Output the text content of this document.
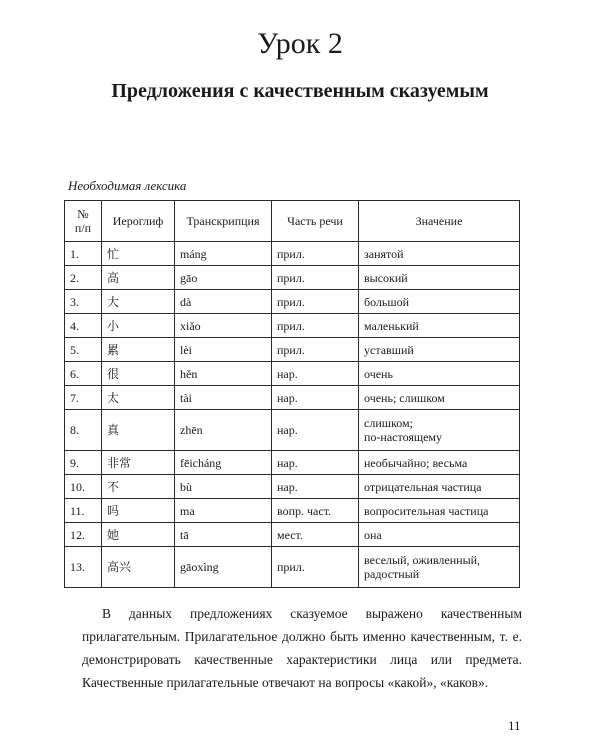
Урок 2
Предложения с качественным сказуемым
Необходимая лексика
№
п/п	Иероглиф	Транскрипция	Часть речи	Значение
1.	忙	máng	прил.	занятой
2.	高	gāo	прил.	высокий
3.	大	dà	прил.	большой
4.	小	xiǎo	прил.	маленький
5.	累	lèi	прил.	уставший
6.	很	hěn	нар.	очень
7.	太	tài	нар.	очень; слишком
8.	真	zhēn	нар.	слишком;
по-настоящему
9.	非常	fēicháng	нар.	необычайно; весьма
10.	不	bù	нар.	отрицательная частица
11.	吗	ma	вопр. част.	вопросительная частица
12.	她	tā	мест.	она
13.	高兴	gāoxìng	прил.	веселый, оживленный,
радостный

В данных предложениях сказуемое выражено качественным прилагательным. Прилагательное должно быть именно качественным, т. е. демонстрировать качественные характеристики лица или предмета. Качественные прилагательные отвечают на вопросы «какой», «каков».

11
